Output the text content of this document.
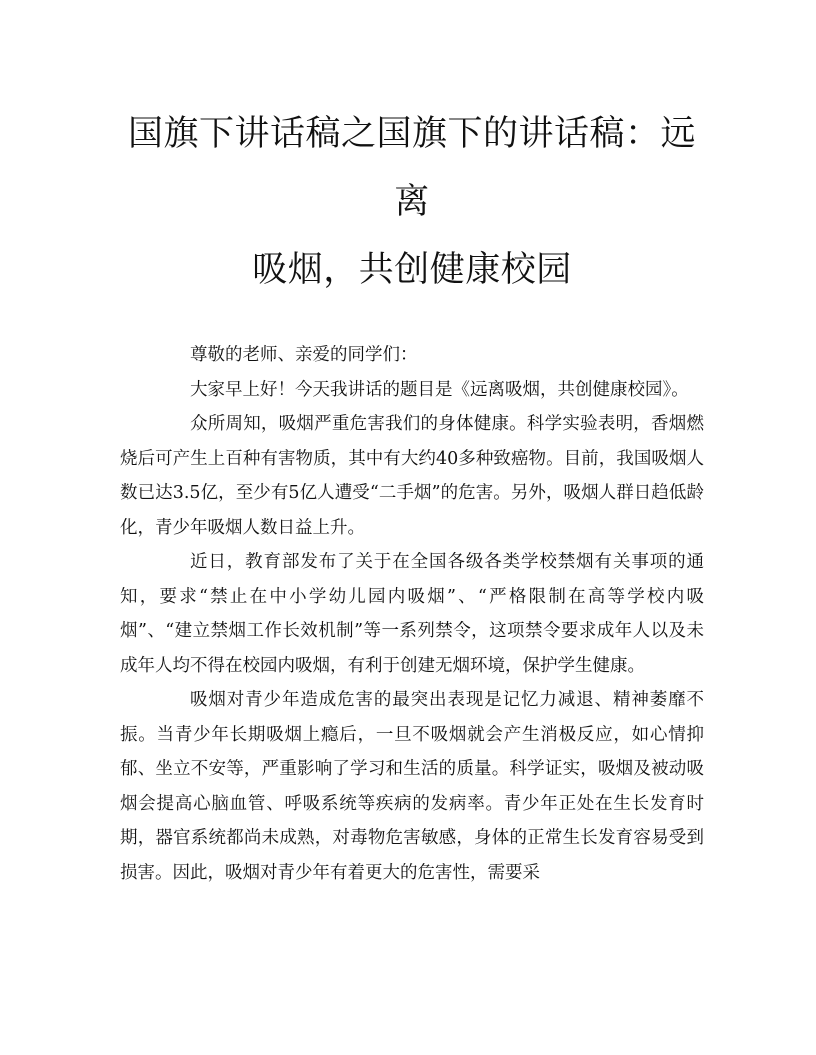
国旗下讲话稿之国旗下的讲话稿：远离
吸烟，共创健康校园

尊敬的老师、亲爱的同学们：

大家早上好！今天我讲话的题目是《远离吸烟，共创健康校园》。

众所周知，吸烟严重危害我们的身体健康。科学实验表明，香烟燃烧后可产生上百种有害物质，其中有大约40多种致癌物。目前，我国吸烟人数已达3.5亿，至少有5亿人遭受“二手烟”的危害。另外，吸烟人群日趋低龄化，青少年吸烟人数日益上升。

近日，教育部发布了关于在全国各级各类学校禁烟有关事项的通知，要求“禁止在中小学幼儿园内吸烟”、“严格限制在高等学校内吸烟”、“建立禁烟工作长效机制”等一系列禁令，这项禁令要求成年人以及未成年人均不得在校园内吸烟，有利于创建无烟环境，保护学生健康。

吸烟对青少年造成危害的最突出表现是记忆力减退、精神萎靡不振。当青少年长期吸烟上瘾后，一旦不吸烟就会产生消极反应，如心情抑郁、坐立不安等，严重影响了学习和生活的质量。科学证实，吸烟及被动吸烟会提高心脑血管、呼吸系统等疾病的发病率。青少年正处在生长发育时期，器官系统都尚未成熟，对毒物危害敏感，身体的正常生长发育容易受到损害。因此，吸烟对青少年有着更大的危害性，需要采
